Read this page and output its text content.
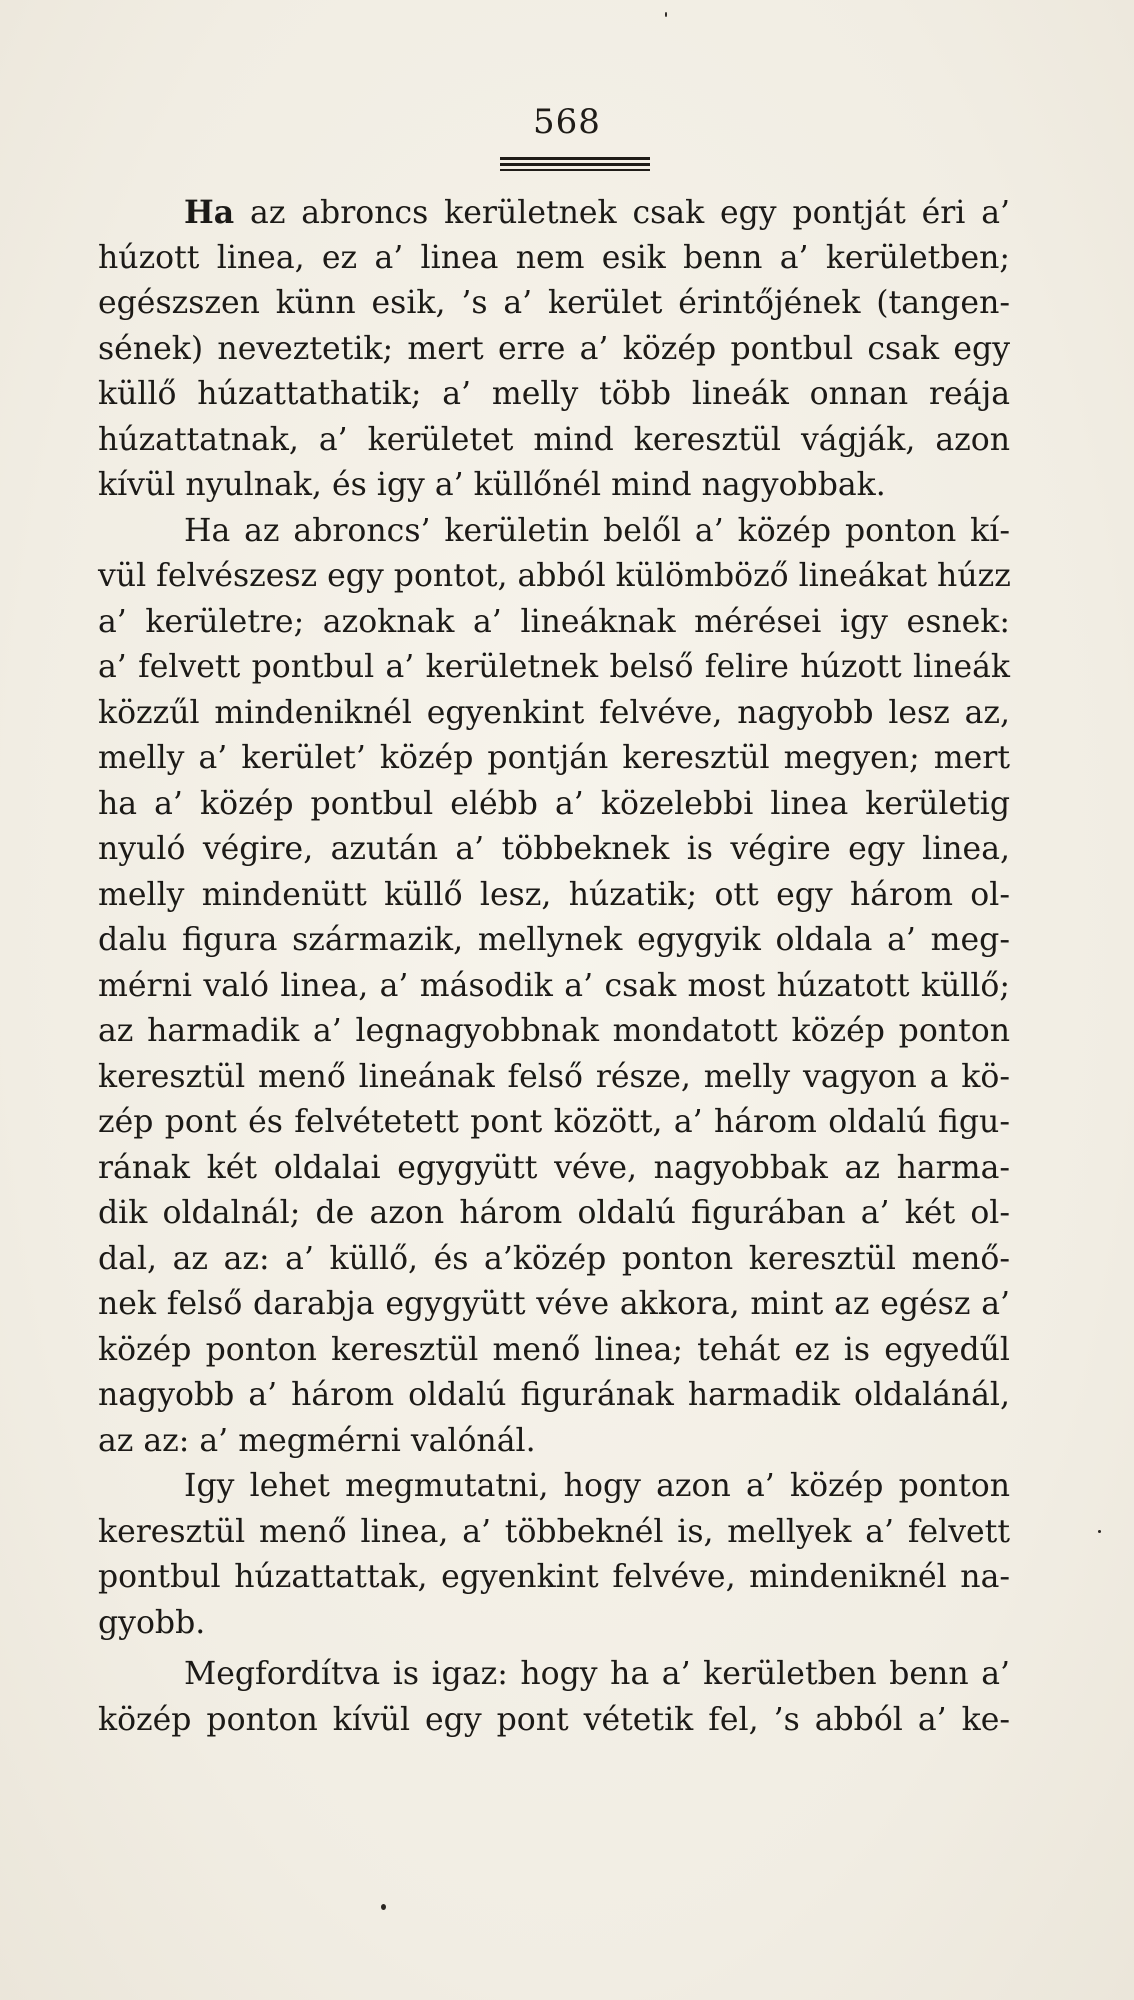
568
Ha az abroncs kerületnek csak egy pontját éri a’
húzott linea, ez a’ linea nem esik benn a’ kerületben;
egészszen künn esik, ’s a’ kerület érintőjének (tangen-
sének) neveztetik; mert erre a’ közép pontbul csak egy
küllő húzattathatik; a’ melly több lineák onnan reája
húzattatnak, a’ kerületet mind keresztül vágják, azon
kívül nyulnak, és igy a’ küllőnél mind nagyobbak.
Ha az abroncs’ kerületin belől a’ közép ponton kí-
vül felvészesz egy pontot, abból külömböző lineákat húzz
a’ kerületre; azoknak a’ lineáknak mérései igy esnek:
a’ felvett pontbul a’ kerületnek belső felire húzott lineák
közzűl mindeniknél egyenkint felvéve, nagyobb lesz az,
melly a’ kerület’ közép pontján keresztül megyen; mert
ha a’ közép pontbul elébb a’ közelebbi linea kerületig
nyuló végire, azután a’ többeknek is végire egy linea,
melly mindenütt küllő lesz, húzatik; ott egy három ol-
dalu figura származik, mellynek egygyik oldala a’ meg-
mérni való linea, a’ második a’ csak most húzatott küllő;
az harmadik a’ legnagyobbnak mondatott közép ponton
keresztül menő lineának felső része, melly vagyon a kö-
zép pont és felvétetett pont között, a’ három oldalú figu-
rának két oldalai egygyütt véve, nagyobbak az harma-
dik oldalnál; de azon három oldalú figurában a’ két ol-
dal, az az: a’ küllő, és a’közép ponton keresztül menő-
nek felső darabja egygyütt véve akkora, mint az egész a’
közép ponton keresztül menő linea; tehát ez is egyedűl
nagyobb a’ három oldalú figurának harmadik oldalánál,
az az: a’ megmérni valónál.
Igy lehet megmutatni, hogy azon a’ közép ponton
keresztül menő linea, a’ többeknél is, mellyek a’ felvett
pontbul húzattattak, egyenkint felvéve, mindeniknél na-
gyobb.
Megfordítva is igaz: hogy ha a’ kerületben benn a’
közép ponton kívül egy pont vétetik fel, ’s abból a’ ke-
